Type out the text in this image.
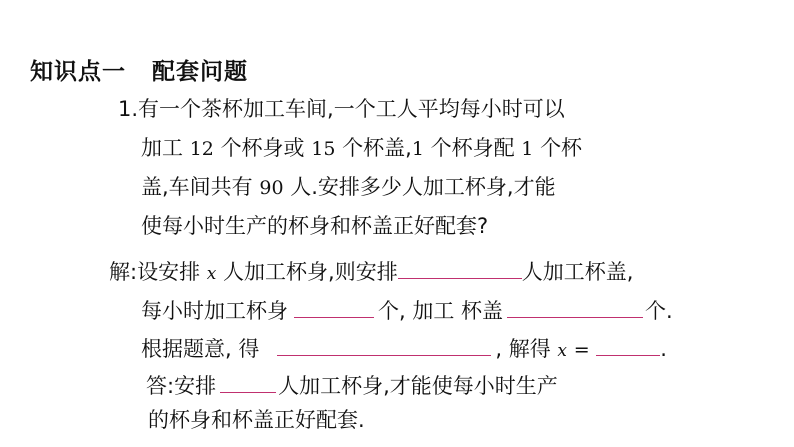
知识点一 配套问题
1.有一个茶杯加工车间,一个工人平均每小时可以
加工 12 个杯身或 15 个杯盖,1 个杯身配 1 个杯
盖,车间共有 90 人.安排多少人加工杯身,才能
使每小时生产的杯身和杯盖正好配套?
解:设安排 x 人加工杯身,则安排	人加工杯盖,
每小时加工杯身	个, 加工 杯盖	个.
根据题意, 得	, 解得 x =	.
答:安排	人加工杯身,才能使每小时生产
的杯身和杯盖正好配套.
